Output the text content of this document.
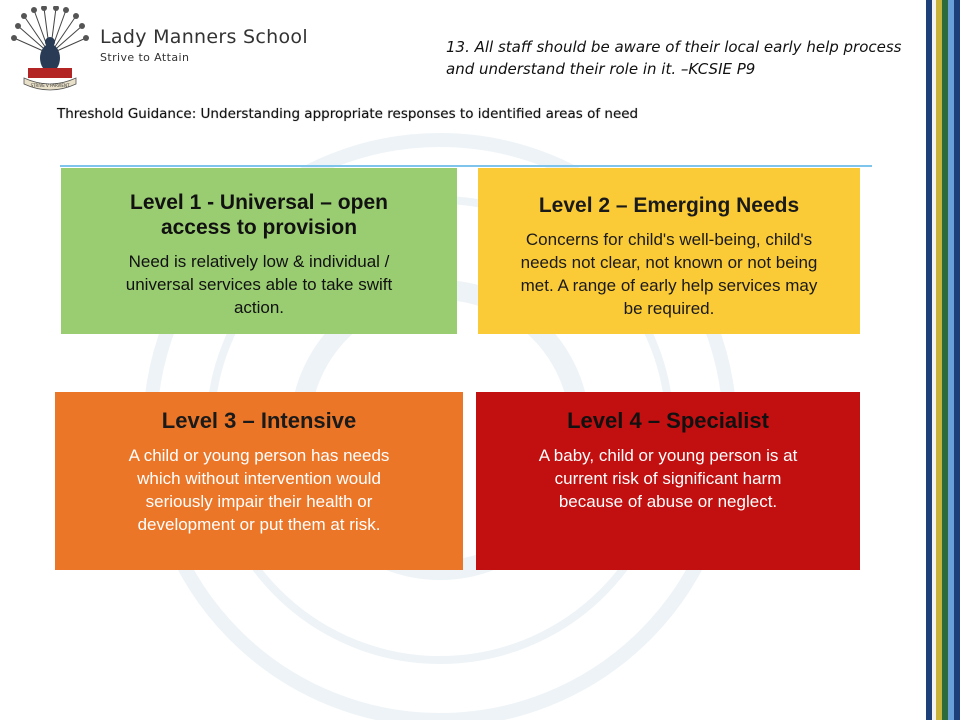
STRIVE V PARVIENT
Lady Manners School
Strive to Attain
13. All staff should be aware of their local early help process
and understand their role in it. –KCSIE P9
Threshold Guidance: Understanding appropriate responses to identified areas of need
Level 1 - Universal – open
access to provision
Need is relatively low & individual /
universal services able to take swift
action.
Level 2 – Emerging Needs
Concerns for child's well-being, child's
needs not clear, not known or not being
met. A range of early help services may
be required.
Level 3 – Intensive
A child or young person has needs
which without intervention would
seriously impair their health or
development or put them at risk.
Level 4 – Specialist
A baby, child or young person is at
current risk of significant harm
because of abuse or neglect.
